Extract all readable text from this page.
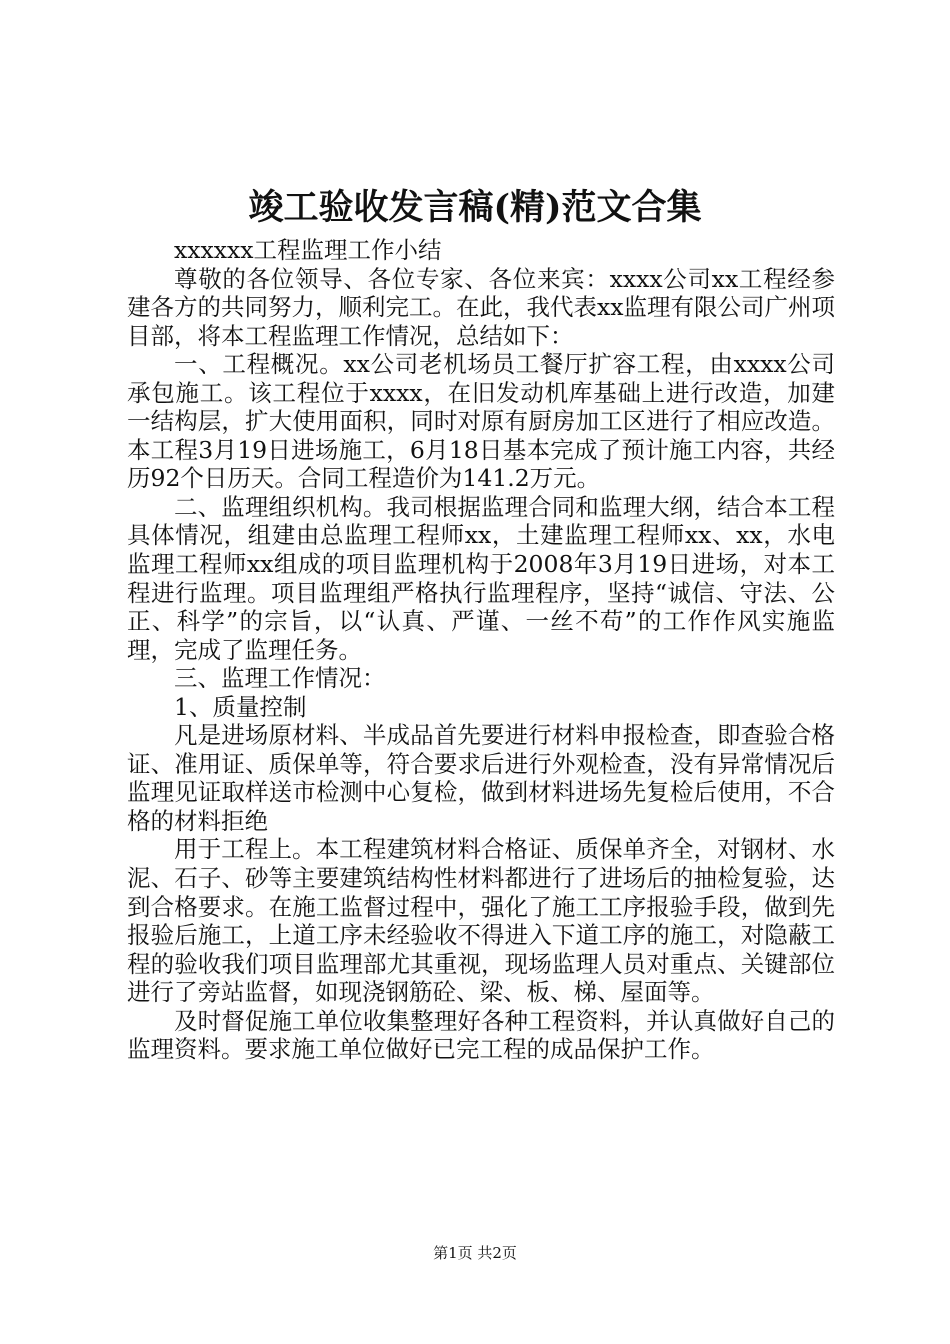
竣工验收发言稿(精)范文合集

xxxxxx工程监理工作小结

尊敬的各位领导、各位专家、各位来宾：xxxx公司xx工程经参建各方的共同努力，顺利完工。在此，我代表xx监理有限公司广州项目部，将本工程监理工作情况，总结如下：

一、工程概况。xx公司老机场员工餐厅扩容工程，由xxxx公司承包施工。该工程位于xxxx，在旧发动机库基础上进行改造，加建一结构层，扩大使用面积，同时对原有厨房加工区进行了相应改造。本工程3月19日进场施工，6月18日基本完成了预计施工内容，共经历92个日历天。合同工程造价为141.2万元。

二、监理组织机构。我司根据监理合同和监理大纲，结合本工程具体情况，组建由总监理工程师xx，土建监理工程师xx、xx，水电监理工程师xx组成的项目监理机构于2008年3月19日进场，对本工程进行监理。项目监理组严格执行监理程序，坚持“诚信、守法、公正、科学”的宗旨，以“认真、严谨、一丝不苟”的工作作风实施监理，完成了监理任务。

三、监理工作情况：

1、质量控制

凡是进场原材料、半成品首先要进行材料申报检查，即查验合格证、准用证、质保单等，符合要求后进行外观检查，没有异常情况后监理见证取样送市检测中心复检，做到材料进场先复检后使用，不合格的材料拒绝

用于工程上。本工程建筑材料合格证、质保单齐全，对钢材、水泥、石子、砂等主要建筑结构性材料都进行了进场后的抽检复验，达到合格要求。在施工监督过程中，强化了施工工序报验手段，做到先报验后施工，上道工序未经验收不得进入下道工序的施工，对隐蔽工程的验收我们项目监理部尤其重视，现场监理人员对重点、关键部位进行了旁站监督，如现浇钢筋砼、梁、板、梯、屋面等。

及时督促施工单位收集整理好各种工程资料，并认真做好自己的监理资料。要求施工单位做好已完工程的成品保护工作。

第1页 共2页
